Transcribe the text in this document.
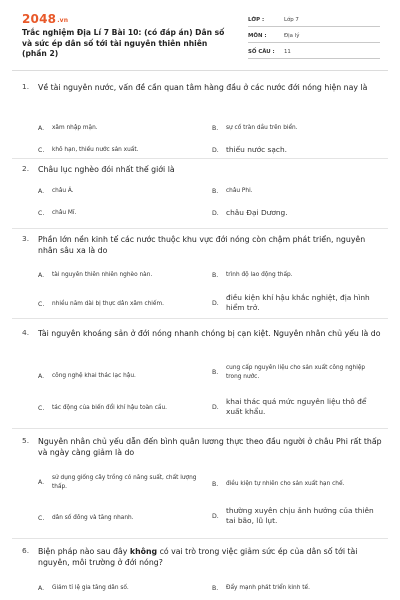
2048.vn
Trắc nghiệm Địa Lí 7 Bài 10: (có đáp án) Dân số và sức ép dân số tới tài nguyên thiên nhiên (phần 2)
LỚP :	Lớp 7
MÔN :	Địa lý
SỐ CÂU :	11
1.	Về tài nguyên nước, vấn đề cần quan tâm hàng đầu ở các nước đới nóng hiện nay là
A.	xâm nhập mặn.	B.	sự cố tràn dầu trên biển.
C.	khô hạn, thiếu nước sản xuất.	D. thiếu nước sạch.
2.	Châu lục nghèo đói nhất thế giới là
A.	châu Á.	B.	châu Phi.
C.	châu Mĩ.	D. châu Đại Dương.
3.	Phần lớn nền kinh tế các nước thuộc khu vực đới nóng còn chậm phát triển, nguyên nhân sâu xa là do
A.	tài nguyên thiên nhiên nghèo nàn.	B.	trình độ lao động thấp.
C.	nhiều năm dài bị thực dân xâm chiếm.	D.
điều kiện khí hậu khắc nghiệt, địa hình hiểm trở.
4.	Tài nguyên khoáng sản ở đới nóng nhanh chóng bị cạn kiệt. Nguyên nhân chủ yếu là do
A.	công nghệ khai thác lạc hậu.	B.
cung cấp nguyên liệu cho sản xuất công nghiệp trong nước.
C.	tác động của biến đổi khí hậu toàn cầu.	D.
khai thác quá mức nguyên liệu thô để xuất khẩu.
5.	Nguyên nhân chủ yếu dẫn đến bình quân lương thực theo đầu người ở châu Phi rất thấp và ngày càng giảm là do
A.
sử dụng giống cây trồng có năng suất, chất lượng thấp.	B.	điều kiện tự nhiên cho sản xuất hạn chế.
C.	dân số đông và tăng nhanh.	D.
thường xuyên chịu ảnh hưởng của thiên tai bão, lũ lụt.
6.	Biện pháp nào sau đây không có vai trò trong việc giảm sức ép của dân số tới tài nguyên, môi trường ở đới nóng?
A.	Giảm tỉ lệ gia tăng dân số.	B.	Đẩy mạnh phát triển kinh tế.
